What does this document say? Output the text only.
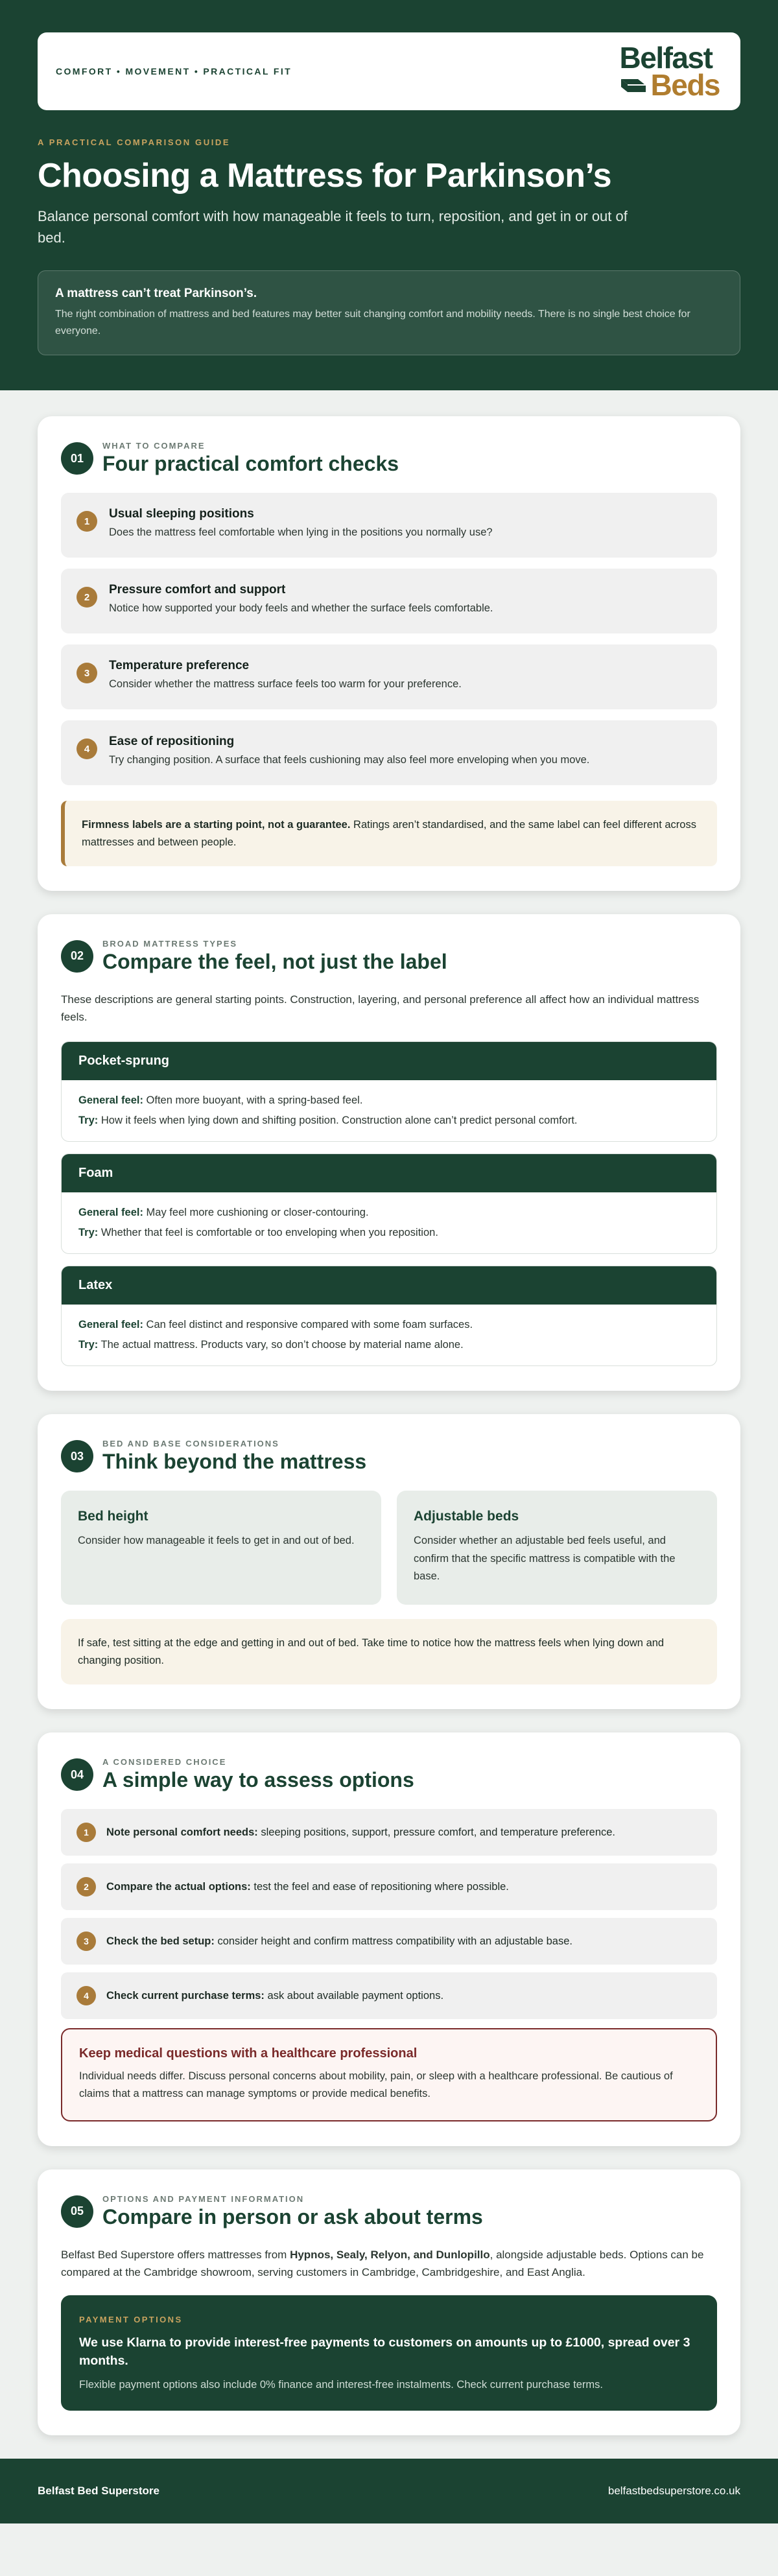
COMFORT • MOVEMENT • PRACTICAL FIT	Belfast
Beds
A PRACTICAL COMPARISON GUIDE
Choosing a Mattress for Parkinson’s

Balance personal comfort with how manageable it feels to turn, reposition, and get in or out of bed.

A mattress can’t treat Parkinson’s.

The right combination of mattress and bed features may better suit changing comfort and mobility needs. There is no single best choice for everyone.

01
WHAT TO COMPARE
Four practical comfort checks
1
Usual sleeping positions

Does the mattress feel comfortable when lying in the positions you normally use?

2
Pressure comfort and support

Notice how supported your body feels and whether the surface feels comfortable.

3
Temperature preference

Consider whether the mattress surface feels too warm for your preference.

4
Ease of repositioning

Try changing position. A surface that feels cushioning may also feel more enveloping when you move.

Firmness labels are a starting point, not a guarantee. Ratings aren’t standardised, and the same label can feel different across mattresses and between people.
02
BROAD MATTRESS TYPES
Compare the feel, not just the label

These descriptions are general starting points. Construction, layering, and personal preference all affect how an individual mattress feels.

Pocket-sprung

General feel: Often more buoyant, with a spring-based feel.

Try: How it feels when lying down and shifting position. Construction alone can’t predict personal comfort.

Foam

General feel: May feel more cushioning or closer-contouring.

Try: Whether that feel is comfortable or too enveloping when you reposition.

Latex

General feel: Can feel distinct and responsive compared with some foam surfaces.

Try: The actual mattress. Products vary, so don’t choose by material name alone.

03
BED AND BASE CONSIDERATIONS
Think beyond the mattress
Bed height

Consider how manageable it feels to get in and out of bed.

Adjustable beds

Consider whether an adjustable bed feels useful, and confirm that the specific mattress is compatible with the base.

If safe, test sitting at the edge and getting in and out of bed. Take time to notice how the mattress feels when lying down and changing position.
04
A CONSIDERED CHOICE
A simple way to assess options
1	Note personal comfort needs: sleeping positions, support, pressure comfort, and temperature preference.
2	Compare the actual options: test the feel and ease of repositioning where possible.
3	Check the bed setup: consider height and confirm mattress compatibility with an adjustable base.
4	Check current purchase terms: ask about available payment options.
Keep medical questions with a healthcare professional

Individual needs differ. Discuss personal concerns about mobility, pain, or sleep with a healthcare professional. Be cautious of claims that a mattress can manage symptoms or provide medical benefits.

05
OPTIONS AND PAYMENT INFORMATION
Compare in person or ask about terms

Belfast Bed Superstore offers mattresses from Hypnos, Sealy, Relyon, and Dunlopillo, alongside adjustable beds. Options can be compared at the Cambridge showroom, serving customers in Cambridge, Cambridgeshire, and East Anglia.

PAYMENT OPTIONS
We use Klarna to provide interest-free payments to customers on amounts up to £1000, spread over 3 months.

Flexible payment options also include 0% finance and interest-free instalments. Check current purchase terms.

Belfast Bed Superstore	belfastbedsuperstore.co.uk
